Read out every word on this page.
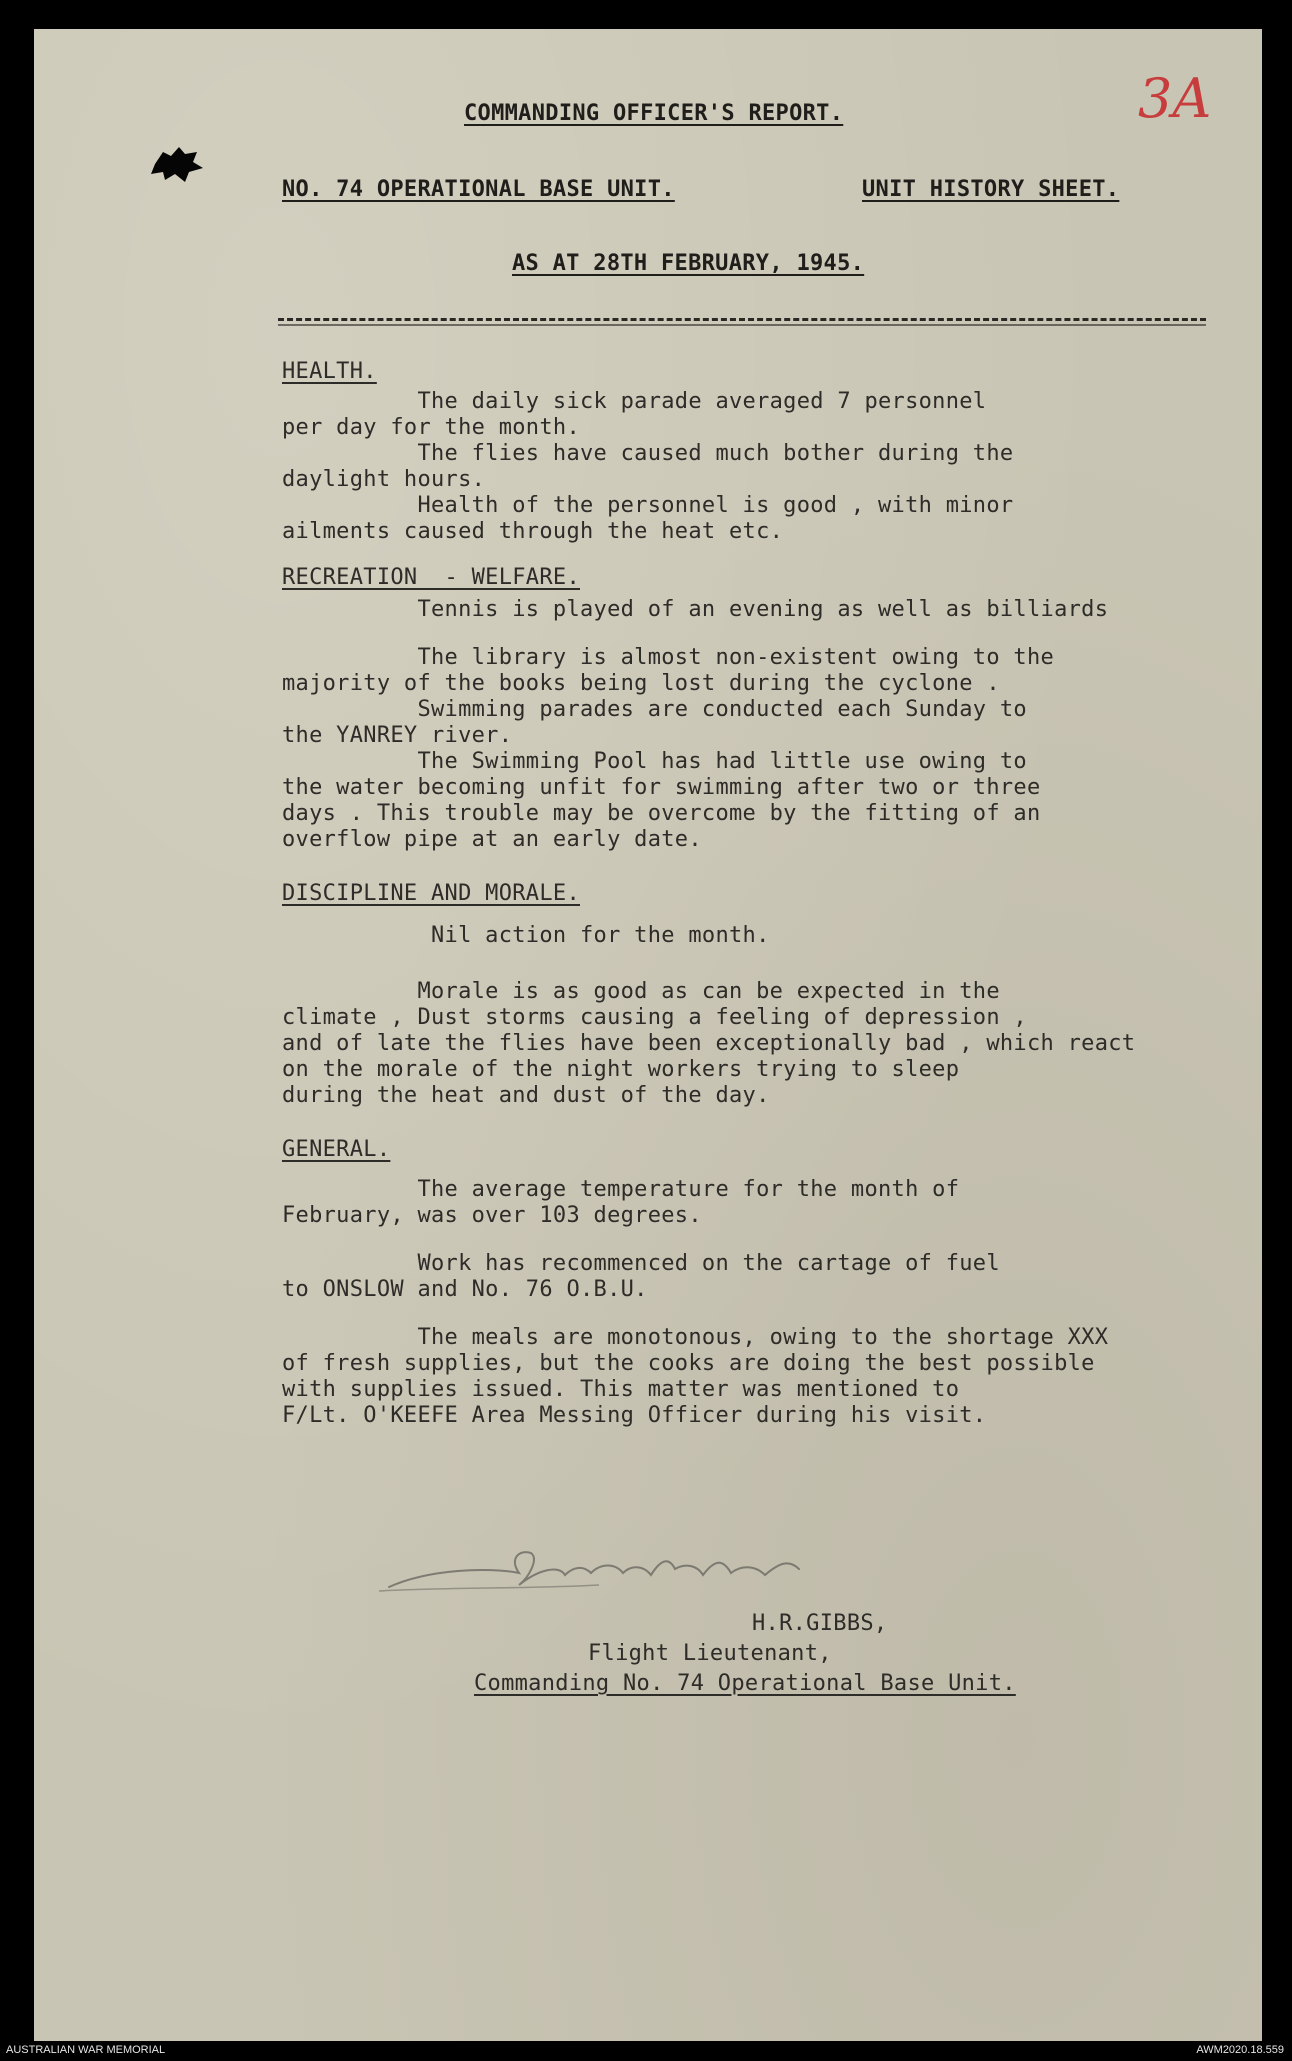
3A
COMMANDING OFFICER'S REPORT.
NO. 74 OPERATIONAL BASE UNIT.	UNIT HISTORY SHEET.
AS AT 28TH FEBRUARY, 1945.
HEALTH.
The daily sick parade averaged 7 personnel
per day for the month.
The flies have caused much bother during the
daylight hours.
Health of the personnel is good , with minor
ailments caused through the heat etc.
RECREATION  - WELFARE.
Tennis is played of an evening as well as billiards
The library is almost non-existent owing to the
majority of the books being lost during the cyclone .
Swimming parades are conducted each Sunday to
the YANREY river.
The Swimming Pool has had little use owing to
the water becoming unfit for swimming after two or three
days . This trouble may be overcome by the fitting of an
overflow pipe at an early date.
DISCIPLINE AND MORALE.
Nil action for the month.
Morale is as good as can be expected in the
climate , Dust storms causing a feeling of depression ,
and of late the flies have been exceptionally bad , which react
on the morale of the night workers trying to sleep
during the heat and dust of the day.
GENERAL.
The average temperature for the month of
February, was over 103 degrees.
Work has recommenced on the cartage of fuel
to ONSLOW and No. 76 O.B.U.
The meals are monotonous, owing to the shortage XXX
of fresh supplies, but the cooks are doing the best possible
with supplies issued. This matter was mentioned to
F/Lt. O'KEEFE Area Messing Officer during his visit.
H.R.GIBBS,
Flight Lieutenant,
Commanding No. 74 Operational Base Unit.
AUSTRALIAN WAR MEMORIAL	AWM2020.18.559
